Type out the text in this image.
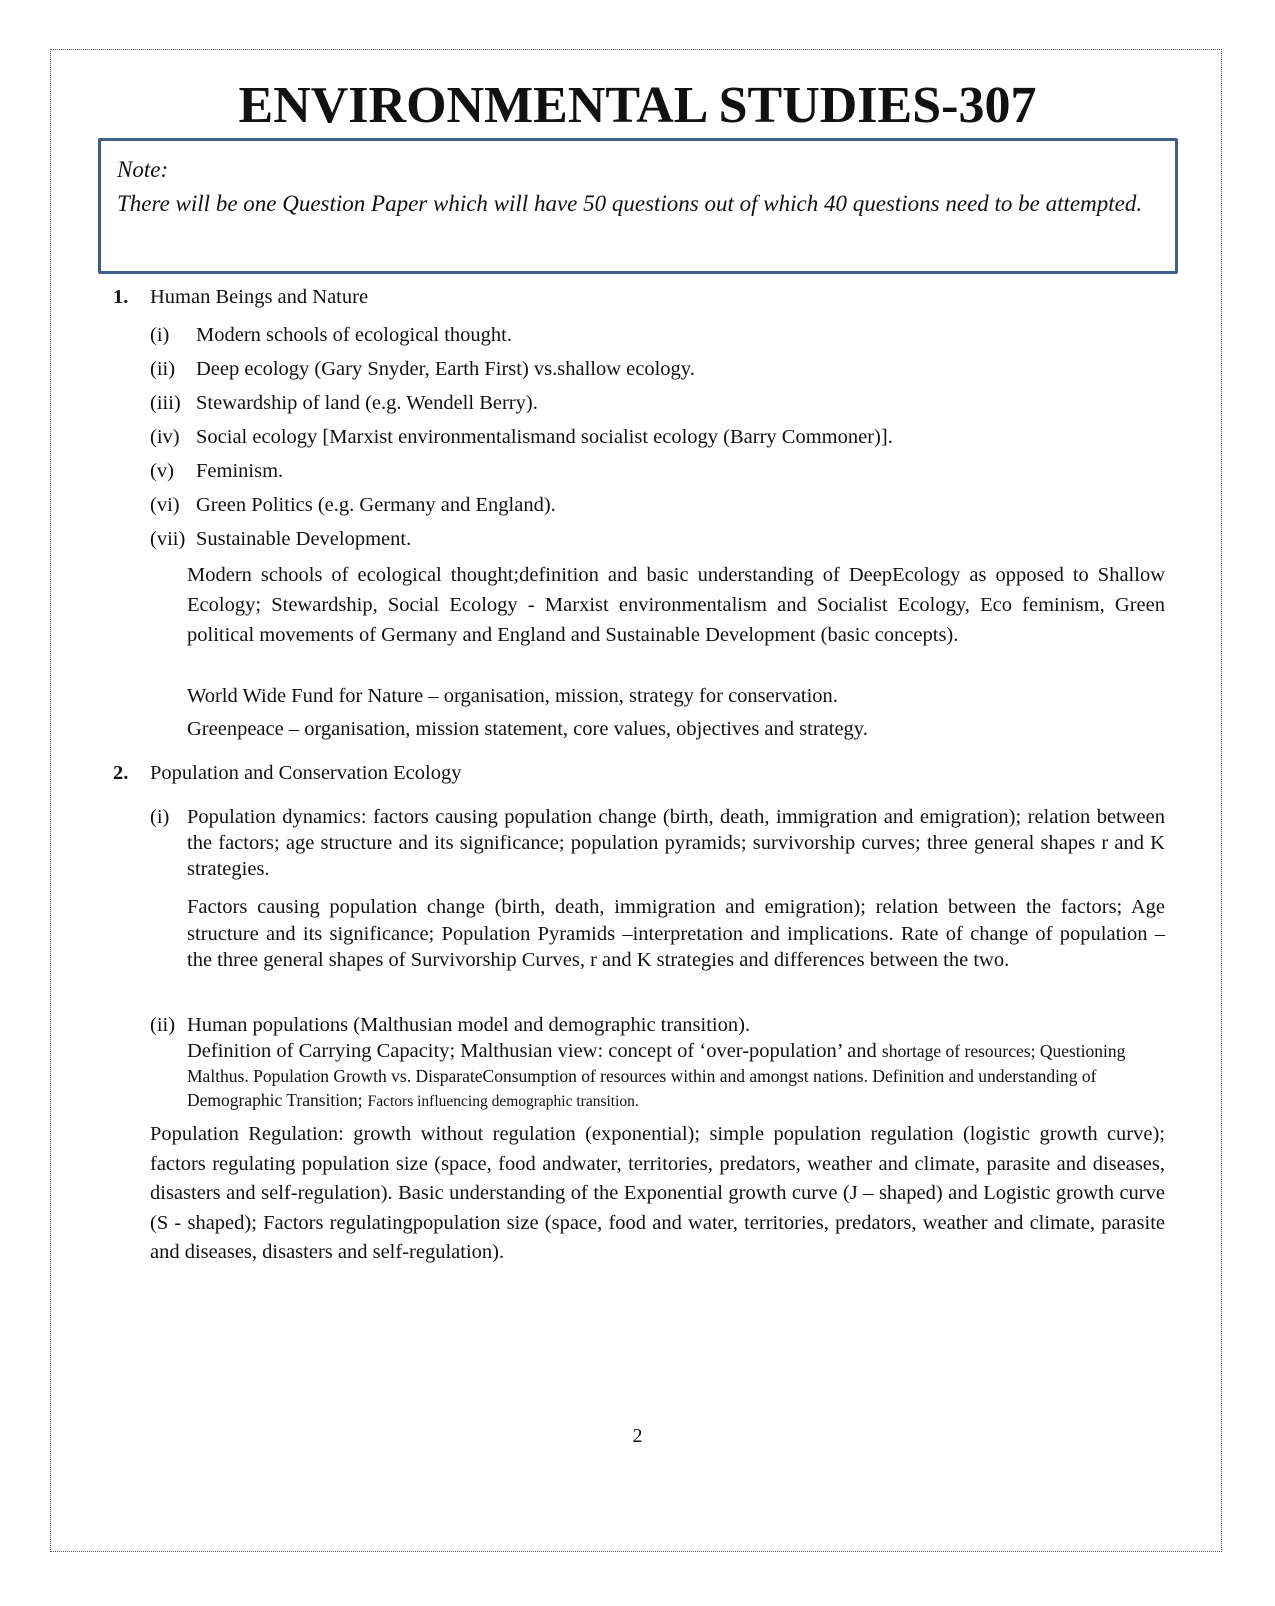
ENVIRONMENTAL STUDIES-307
Note:
There will be one Question Paper which will have 50 questions out of which 40 questions need to be attempted.
1. Human Beings and Nature
(i) Modern schools of ecological thought.
(ii) Deep ecology (Gary Snyder, Earth First) vs.shallow ecology.
(iii) Stewardship of land (e.g. Wendell Berry).
(iv) Social ecology [Marxist environmentalismand socialist ecology (Barry Commoner)].
(v) Feminism.
(vi) Green Politics (e.g. Germany and England).
(vii) Sustainable Development.
Modern schools of ecological thought;definition and basic understanding of DeepEcology as opposed to Shallow Ecology; Stewardship, Social Ecology - Marxist environmentalism and Socialist Ecology, Eco feminism, Green political movements of Germany and England and Sustainable Development (basic concepts).
World Wide Fund for Nature – organisation, mission, strategy for conservation.
Greenpeace – organisation, mission statement, core values, objectives and strategy.
2. Population and Conservation Ecology
(i) Population dynamics: factors causing population change (birth, death, immigration and emigration); relation between the factors; age structure and its significance; population pyramids; survivorship curves; three general shapes r and K strategies.
Factors causing population change (birth, death, immigration and emigration); relation between the factors; Age structure and its significance; Population Pyramids –interpretation and implications. Rate of change of population – the three general shapes of Survivorship Curves, r and K strategies and differences between the two.
(ii) Human populations (Malthusian model and demographic transition).
Definition of Carrying Capacity; Malthusian view: concept of ‘over-population’ and shortage of resources; Questioning Malthus. Population Growth vs. DisparateConsumption of resources within and amongst nations. Definition and understanding of Demographic Transition; Factors influencing demographic transition.
Population Regulation: growth without regulation (exponential); simple population regulation (logistic growth curve); factors regulating population size (space, food andwater, territories, predators, weather and climate, parasite and diseases, disasters and self-regulation). Basic understanding of the Exponential growth curve (J – shaped) and Logistic growth curve (S - shaped); Factors regulatingpopulation size (space, food and water, territories, predators, weather and climate, parasite and diseases, disasters and self-regulation).
2
